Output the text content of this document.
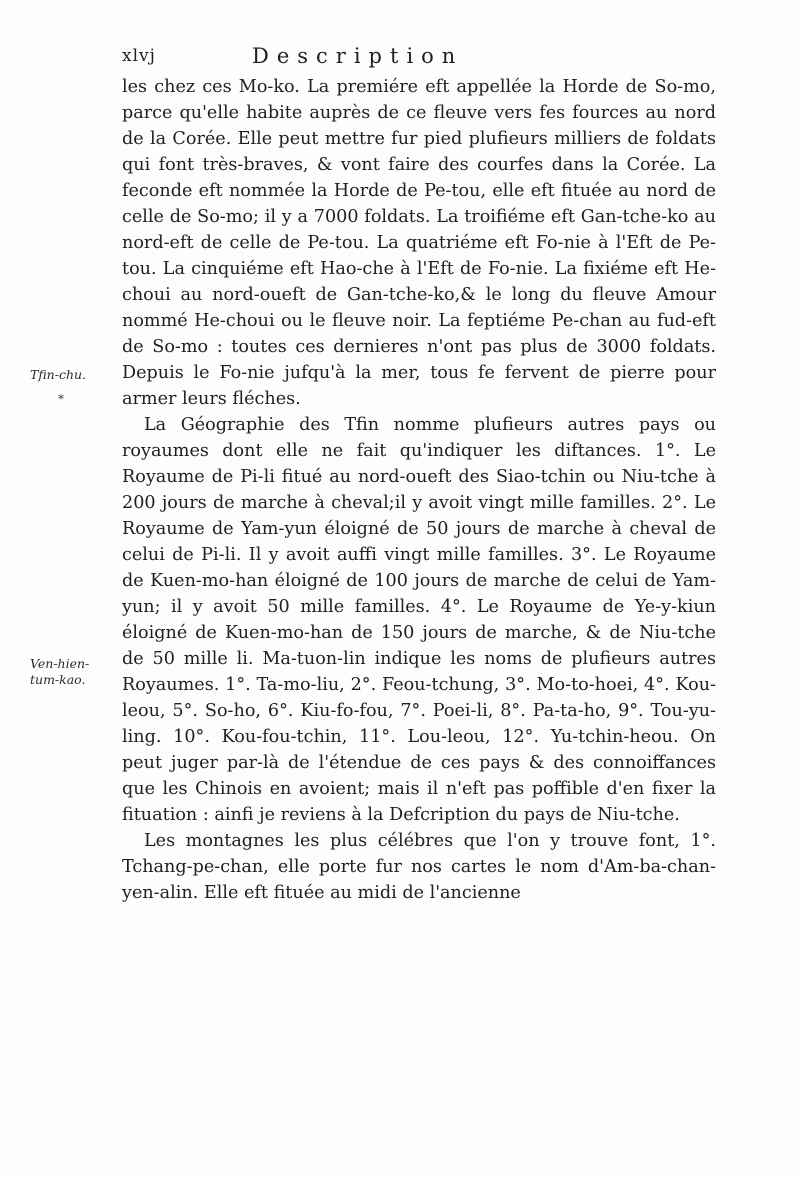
xlvj	Description
Tfin-chu.
*
Ven-hien-
tum-kao.

les chez ces Mo-ko. La premiére eft appellée la Horde de So-mo, parce qu'elle habite auprès de ce fleuve vers fes fources au nord de la Corée. Elle peut mettre fur pied plufieurs milliers de foldats qui font très-braves, & vont faire des courfes dans la Corée. La feconde eft nommée la Horde de Pe-tou, elle eft fituée au nord de celle de So-mo; il y a 7000 foldats. La troifiéme eft Gan-tche-ko au nord-eft de celle de Pe-tou. La quatriéme eft Fo-nie à l'Eft de Pe-tou. La cinquiéme eft Hao-che à l'Eft de Fo-nie. La fixiéme eft He-choui au nord-oueft de Gan-tche-ko,& le long du fleuve Amour nommé He-choui ou le fleuve noir. La feptiéme Pe-chan au fud-eft de So-mo : toutes ces dernieres n'ont pas plus de 3000 foldats. Depuis le Fo-nie jufqu'à la mer, tous fe fervent de pierre pour armer leurs fléches.

La Géographie des Tfin nomme plufieurs autres pays ou royaumes dont elle ne fait qu'indiquer les diftances. 1°. Le Royaume de Pi-li fitué au nord-oueft des Siao-tchin ou Niu-tche à 200 jours de marche à cheval;il y avoit vingt mille familles. 2°. Le Royaume de Yam-yun éloigné de 50 jours de marche à cheval de celui de Pi-li. Il y avoit auffi vingt mille familles. 3°. Le Royaume de Kuen-mo-han éloigné de 100 jours de marche de celui de Yam-yun; il y avoit 50 mille familles. 4°. Le Royaume de Ye-y-kiun éloigné de Kuen-mo-han de 150 jours de marche, & de Niu-tche de 50 mille li. Ma-tuon-lin indique les noms de plufieurs autres Royaumes. 1°. Ta-mo-liu, 2°. Feou-tchung, 3°. Mo-to-hoei, 4°. Kou-leou, 5°. So-ho, 6°. Kiu-fo-fou, 7°. Poei-li, 8°. Pa-ta-ho, 9°. Tou-yu-ling. 10°. Kou-fou-tchin, 11°. Lou-leou, 12°. Yu-tchin-heou. On peut juger par-là de l'étendue de ces pays & des connoiffances que les Chinois en avoient; mais il n'eft pas poffible d'en fixer la fituation : ainfi je reviens à la Defcription du pays de Niu-tche.

Les montagnes les plus célébres que l'on y trouve font, 1°. Tchang-pe-chan, elle porte fur nos cartes le nom d'Am-ba-chan-yen-alin. Elle eft fituée au midi de l'ancienne
